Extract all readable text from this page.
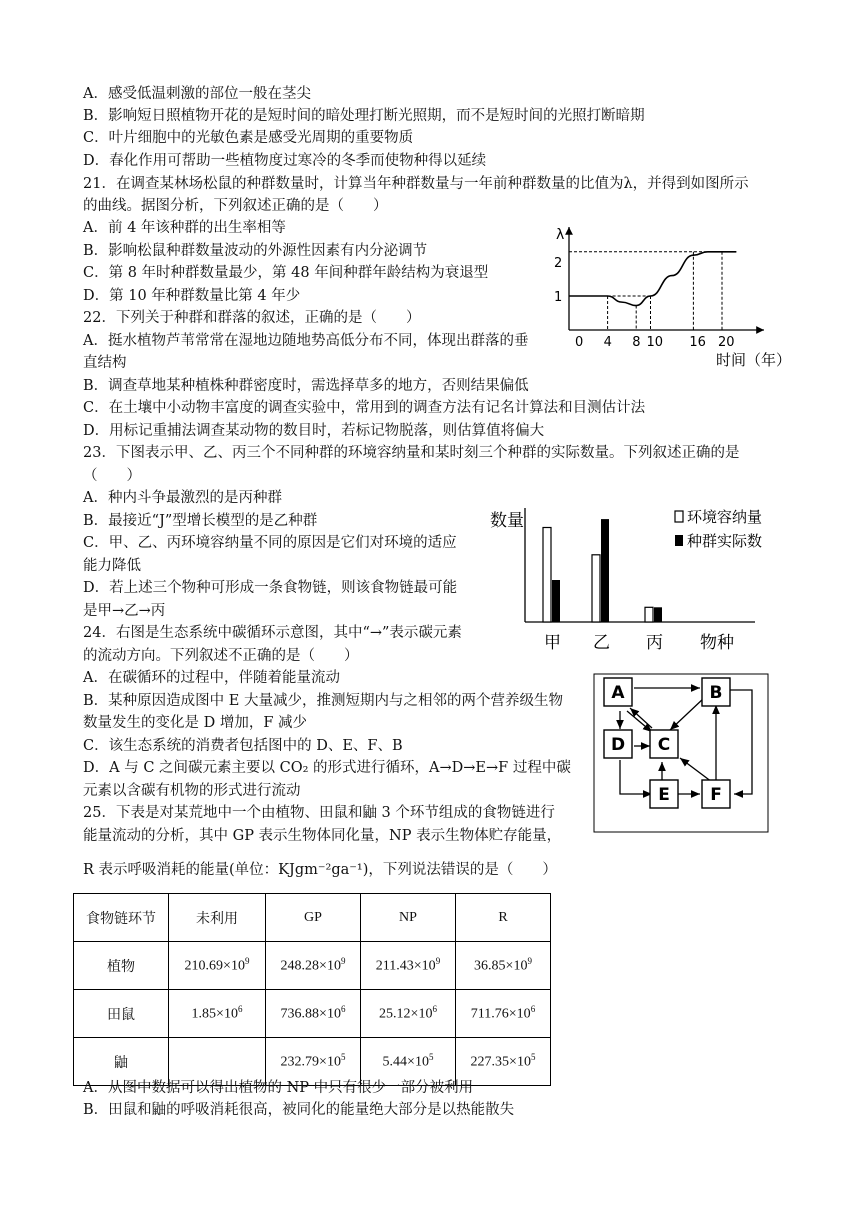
A．感受低温刺激的部位一般在茎尖
B．影响短日照植物开花的是短时间的暗处理打断光照期，而不是短时间的光照打断暗期
C．叶片细胞中的光敏色素是感受光周期的重要物质
D．春化作用可帮助一些植物度过寒冷的冬季而使物种得以延续
21．在调查某林场松鼠的种群数量时，计算当年种群数量与一年前种群数量的比值为λ，并得到如图所示
的曲线。据图分析，下列叙述正确的是（　　）
A．前 4 年该种群的出生率相等
B．影响松鼠种群数量波动的外源性因素有内分泌调节
C．第 8 年时种群数量最少，第 48 年间种群年龄结构为衰退型
D．第 10 年种群数量比第 4 年少
22．下列关于种群和群落的叙述，正确的是（　　）
A．挺水植物芦苇常常在湿地边随地势高低分布不同，体现出群落的垂
直结构
B．调查草地某种植株种群密度时，需选择草多的地方，否则结果偏低
C．在土壤中小动物丰富度的调查实验中，常用到的调查方法有记名计算法和目测估计法
D．用标记重捕法调查某动物的数目时，若标记物脱落，则估算值将偏大
23．下图表示甲、乙、丙三个不同种群的环境容纳量和某时刻三个种群的实际数量。下列叙述正确的是
（　　）
A．种内斗争最激烈的是丙种群
B．最接近“J”型增长模型的是乙种群
C．甲、乙、丙环境容纳量不同的原因是它们对环境的适应
能力降低
D．若上述三个物种可形成一条食物链，则该食物链最可能
是甲→乙→丙
24．右图是生态系统中碳循环示意图，其中“→”表示碳元素
的流动方向。下列叙述不正确的是（　　）
A．在碳循环的过程中，伴随着能量流动
B．某种原因造成图中 E 大量减少，推测短期内与之相邻的两个营养级生物
数量发生的变化是 D 增加，F 减少
C．该生态系统的消费者包括图中的 D、E、F、B
D．A 与 C 之间碳元素主要以 CO₂ 的形式进行循环，A→D→E→F 过程中碳
元素以含碳有机物的形式进行流动
25．下表是对某荒地中一个由植物、田鼠和鼬 3 个环节组成的食物链进行
能量流动的分析，其中 GP 表示生物体同化量，NP 表示生物体贮存能量，
R 表示呼吸消耗的能量(单位：KJgm⁻²ga⁻¹)，下列说法错误的是（　　）
λ
1
2
0 4 8 10 16 20
时间（年）
数量	环境容纳量
种群实际数
甲 乙 丙 物种
A	B
C
D
E F
食物链环节	未利用	GP	NP	R
植物	$210.69\times 10^9$	$248.28\times 10^9$	$211.43\times 10^9$	$36.85\times 10^9$
田鼠	$1.85\times 10^6$	$736.88\times 10^6$	$25.12\times 10^6$	$711.76\times 10^6$
鼬		$232.79\times 10^5$	$5.44\times 10^5$	$227.35\times 10^5$
A．从图中数据可以得出植物的 NP 中只有很少一部分被利用
B．田鼠和鼬的呼吸消耗很高，被同化的能量绝大部分是以热能散失
